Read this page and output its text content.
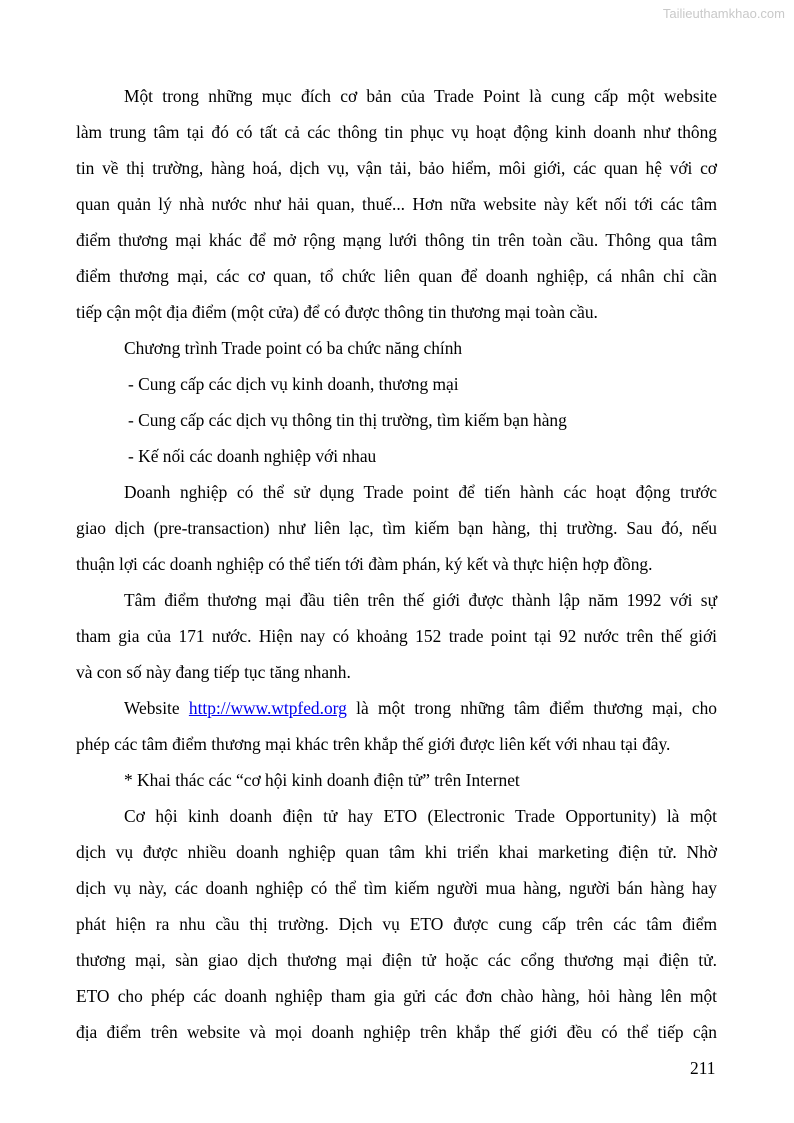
Tailieuthamkhao.com
Một trong những mục đích cơ bản của Trade Point là cung cấp một website
làm trung tâm tại đó có tất cả các thông tin phục vụ hoạt động kinh doanh như thông
tin về thị trường, hàng hoá, dịch vụ, vận tải, bảo hiểm, môi giới, các quan hệ với cơ
quan quản lý nhà nước như hải quan, thuế... Hơn nữa website này kết nối tới các tâm
điểm thương mại khác để mở rộng mạng lưới thông tin trên toàn cầu. Thông qua tâm
điểm thương mại, các cơ quan, tổ chức liên quan để doanh nghiệp, cá nhân chỉ cần
tiếp cận một địa điểm (một cửa) để có được thông tin thương mại toàn cầu.
Chương trình Trade point có ba chức năng chính
- Cung cấp các dịch vụ kinh doanh, thương mại
- Cung cấp các dịch vụ thông tin thị trường, tìm kiếm bạn hàng
- Kế nối các doanh nghiệp với nhau
Doanh nghiệp có thể sử dụng Trade point để tiến hành các hoạt động trước
giao dịch (pre-transaction) như liên lạc, tìm kiếm bạn hàng, thị trường. Sau đó, nếu
thuận lợi các doanh nghiệp có thể tiến tới đàm phán, ký kết và thực hiện hợp đồng.
Tâm điểm thương mại đầu tiên trên thế giới được thành lập năm 1992 với sự
tham gia của 171 nước. Hiện nay có khoảng 152 trade point tại 92 nước trên thế giới
và con số này đang tiếp tục tăng nhanh.
Website http://www.wtpfed.org là một trong những tâm điểm thương mại, cho
phép các tâm điểm thương mại khác trên khắp thế giới được liên kết với nhau tại đây.
* Khai thác các “cơ hội kinh doanh điện tử” trên Internet
Cơ hội kinh doanh điện tử hay ETO (Electronic Trade Opportunity) là một
dịch vụ được nhiều doanh nghiệp quan tâm khi triển khai marketing điện tử. Nhờ
dịch vụ này, các doanh nghiệp có thể tìm kiếm người mua hàng, người bán hàng hay
phát hiện ra nhu cầu thị trường. Dịch vụ ETO được cung cấp trên các tâm điểm
thương mại, sàn giao dịch thương mại điện tử hoặc các cổng thương mại điện tử.
ETO cho phép các doanh nghiệp tham gia gửi các đơn chào hàng, hỏi hàng lên một
địa điểm trên website và mọi doanh nghiệp trên khắp thế giới đều có thể tiếp cận
211
